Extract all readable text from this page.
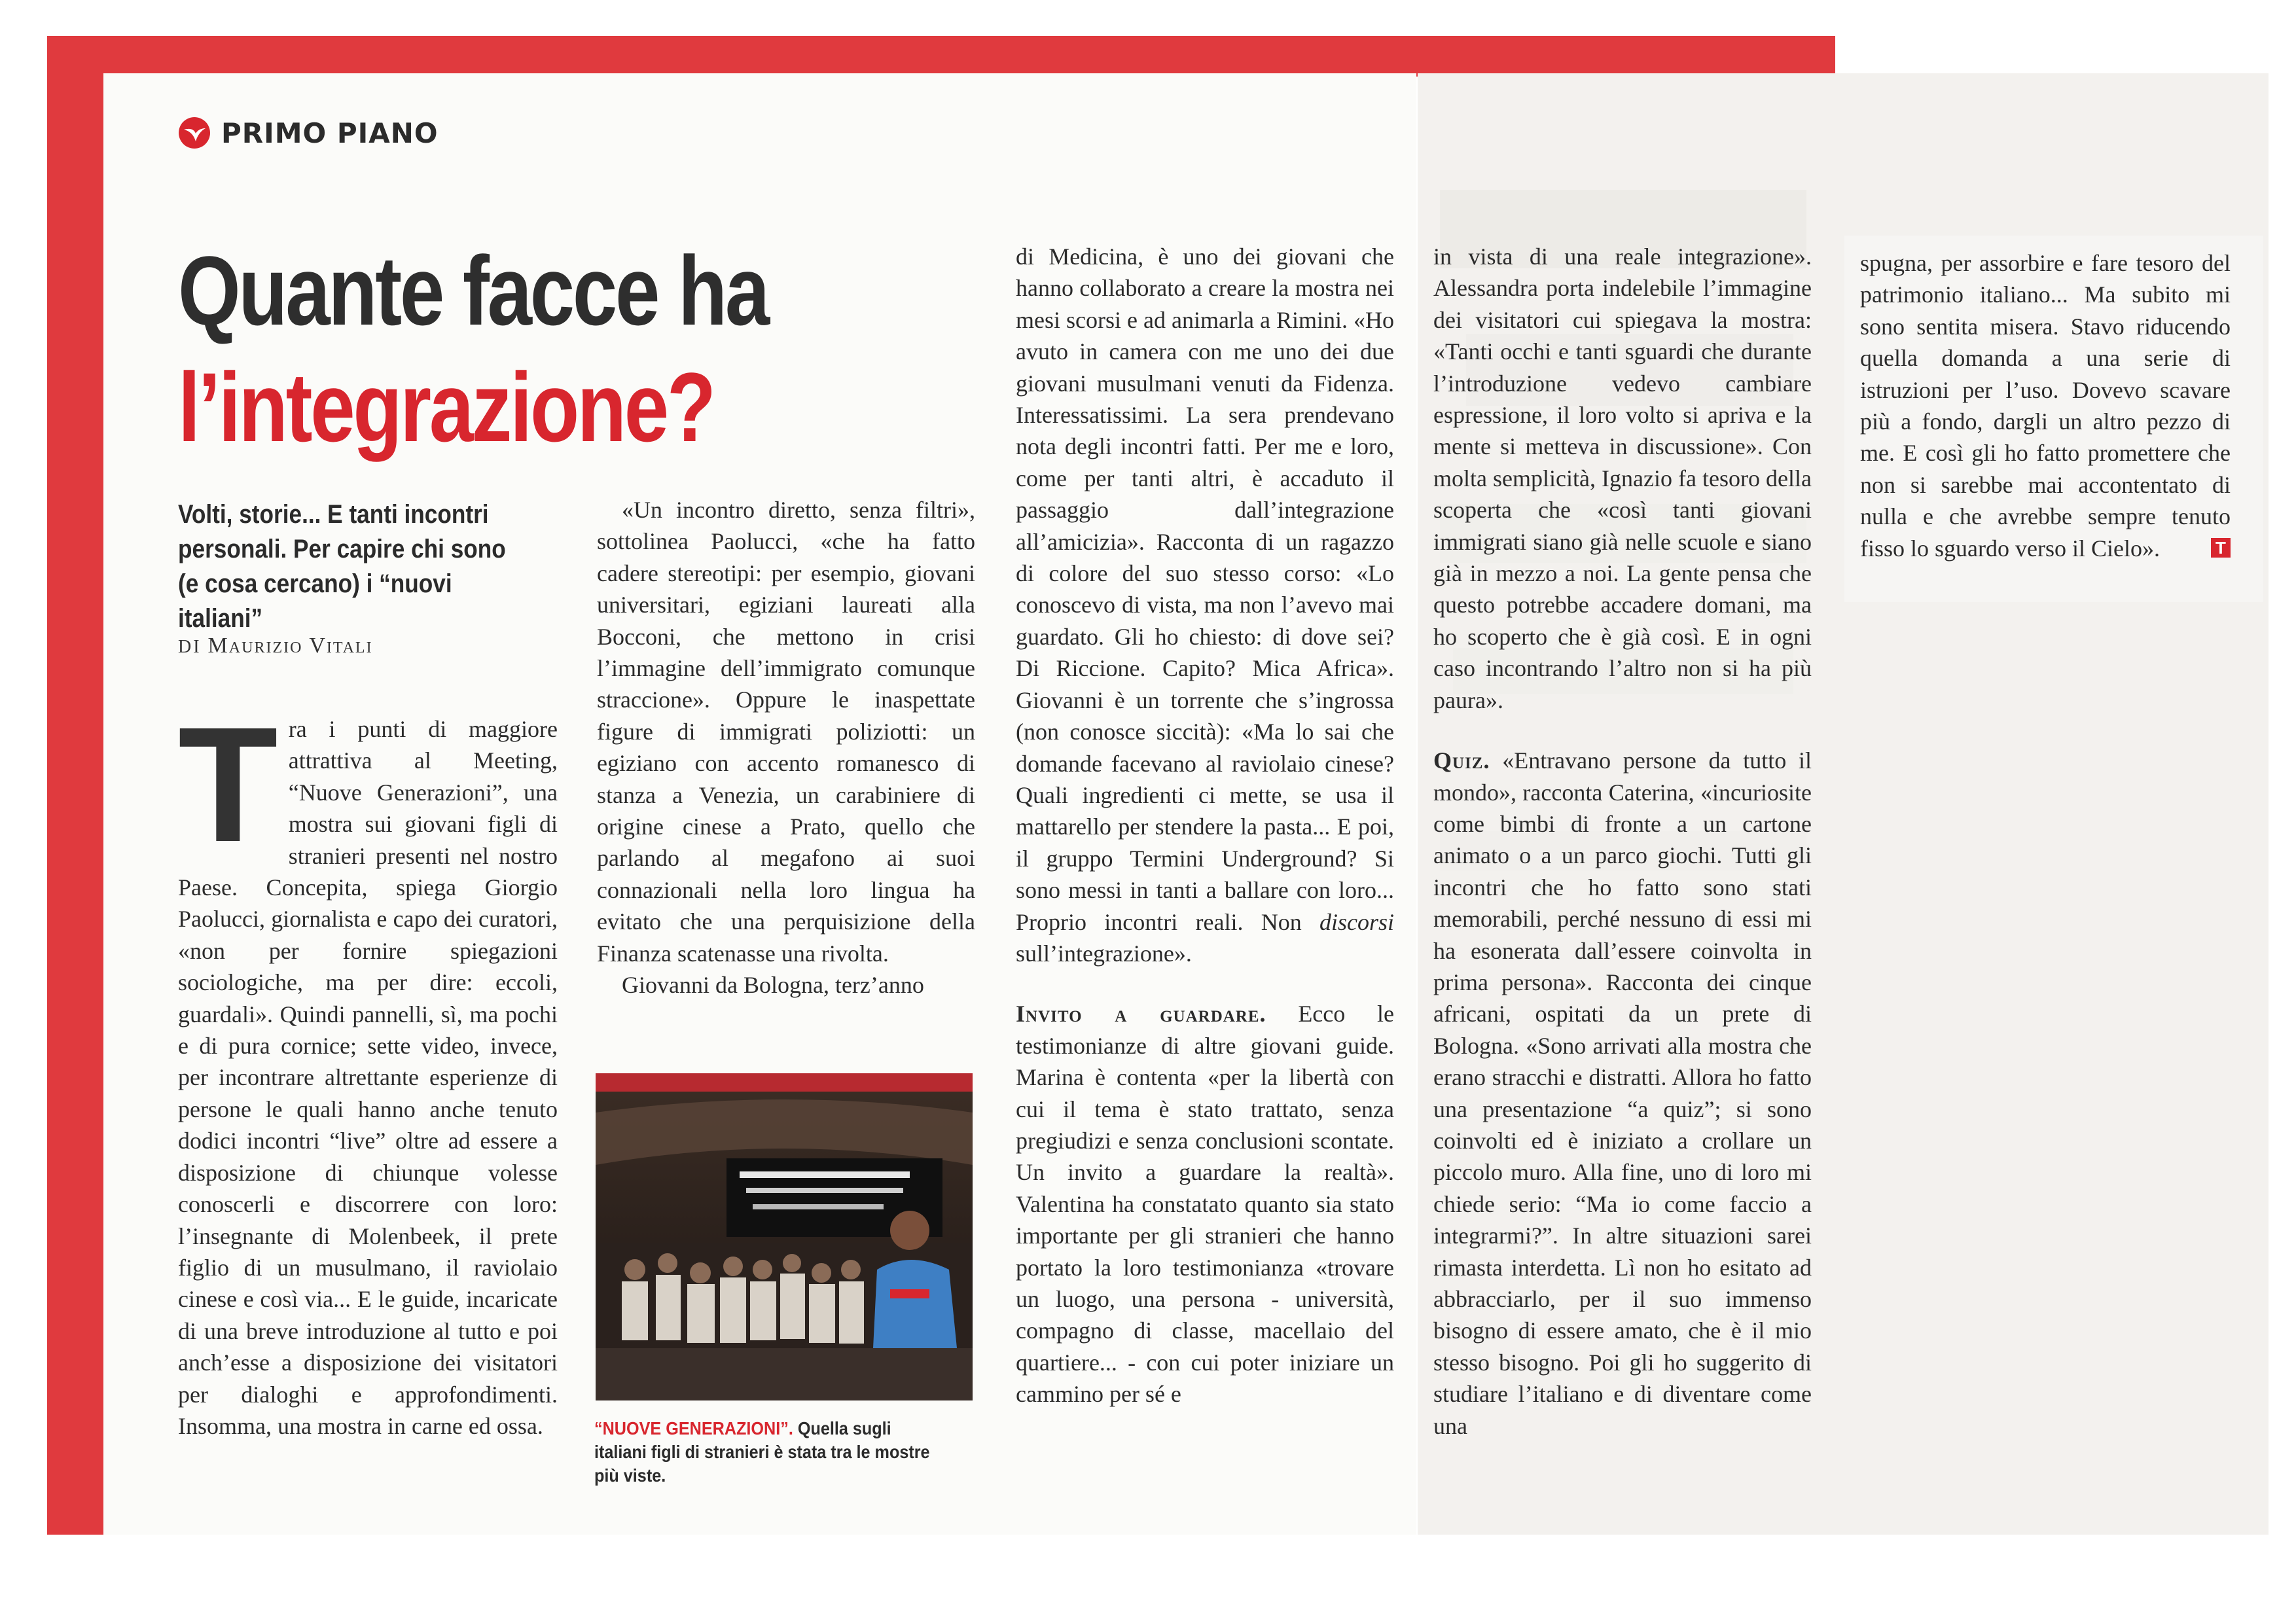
PRIMO PIANO
Quante facce ha
l’integrazione?
Volti, storie... E tanti incontri personali. Per capire chi sono (e cosa cercano) i “nuovi italiani”
DI Maurizio Vitali

Tra i punti di maggiore attrattiva al Meeting, “Nuove Generazioni”, una mostra sui giovani figli di stranieri presenti nel nostro Paese. Concepita, spiega Giorgio Paolucci, giornalista e capo dei curatori, «non per fornire spiegazioni sociologiche, ma per dire: eccoli, guardali». Quindi pannelli, sì, ma pochi e di pura cornice; sette video, invece, per incontrare altrettante esperienze di persone le quali hanno anche tenuto dodici incontri “live” oltre ad essere a disposizione di chiunque volesse conoscerli e discorrere con loro: l’insegnante di Molenbeek, il prete figlio di un musulmano, il raviolaio cinese e così via... E le guide, incaricate di una breve introduzione al tutto e poi anch’esse a disposizione dei visitatori per dialoghi e approfondimenti. Insomma, una mostra in carne ed ossa.

«Un incontro diretto, senza filtri», sottolinea Paolucci, «che ha fatto cadere stereotipi: per esempio, giovani universitari, egiziani laureati alla Bocconi, che mettono in crisi l’immagine dell’immigrato comunque straccione». Oppure le inaspettate figure di immigrati poliziotti: un egiziano con accento romanesco di stanza a Venezia, un carabiniere di origine cinese a Prato, quello che parlando al megafono ai suoi connazionali nella loro lingua ha evitato che una perquisizione della Finanza scatenasse una rivolta.

Giovanni da Bologna, terz’anno

“NUOVE GENERAZIONI”. Quella sugli italiani figli di stranieri è stata tra le mostre più viste.

di Medicina, è uno dei giovani che hanno collaborato a creare la mostra nei mesi scorsi e ad animarla a Rimini. «Ho avuto in camera con me uno dei due giovani musulmani venuti da Fidenza. Interessatissimi. La sera prendevano nota degli incontri fatti. Per me e loro, come per tanti altri, è accaduto il passaggio dall’integrazione all’amicizia». Racconta di un ragazzo di colore del suo stesso corso: «Lo conoscevo di vista, ma non l’avevo mai guardato. Gli ho chiesto: di dove sei? Di Riccione. Capito? Mica Africa». Giovanni è un torrente che s’ingrossa (non conosce siccità): «Ma lo sai che domande facevano al raviolaio cinese? Quali ingredienti ci mette, se usa il mattarello per stendere la pasta... E poi, il gruppo Termini Underground? Si sono messi in tanti a ballare con loro... Proprio incontri reali. Non discorsi sull’integrazione».

Invito a guardare. Ecco le testimonianze di altre giovani guide. Marina è contenta «per la libertà con cui il tema è stato trattato, senza pregiudizi e senza conclusioni scontate. Un invito a guardare la realtà». Valentina ha constatato quanto sia stato importante per gli stranieri che hanno portato la loro testimonianza «trovare un luogo, una persona - università, compagno di classe, macellaio del quartiere... - con cui poter iniziare un cammino per sé e

in vista di una reale integrazione». Alessandra porta indelebile l’immagine dei visitatori cui spiegava la mostra: «Tanti occhi e tanti sguardi che durante l’introduzione vedevo cambiare espressione, il loro volto si apriva e la mente si metteva in discussione». Con molta semplicità, Ignazio fa tesoro della scoperta che «così tanti giovani immigrati siano già nelle scuole e siano già in mezzo a noi. La gente pensa che questo potrebbe accadere domani, ma ho scoperto che è già così. E in ogni caso incontrando l’altro non si ha più paura».

Quiz. «Entravano persone da tutto il mondo», racconta Caterina, «incuriosite come bimbi di fronte a un cartone animato o a un parco giochi. Tutti gli incontri che ho fatto sono stati memorabili, perché nessuno di essi mi ha esonerata dall’essere coinvolta in prima persona». Racconta dei cinque africani, ospitati da un prete di Bologna. «Sono arrivati alla mostra che erano stracchi e distratti. Allora ho fatto una presentazione “a quiz”; si sono coinvolti ed è iniziato a crollare un piccolo muro. Alla fine, uno di loro mi chiede serio: “Ma io come faccio a integrarmi?”. In altre situazioni sarei rimasta interdetta. Lì non ho esitato ad abbracciarlo, per il suo immenso bisogno di essere amato, che è il mio stesso bisogno. Poi gli ho suggerito di studiare l’italiano e di diventare come una

spugna, per assorbire e fare tesoro del patrimonio italiano... Ma subito mi sono sentita misera. Stavo riducendo quella domanda a una serie di istruzioni per l’uso. Dovevo scavare più a fondo, dargli un altro pezzo di me. E così gli ho fatto promettere che non si sarebbe mai accontentato di nulla e che avrebbe sempre tenuto fisso lo sguardo verso il Cielo».	T
